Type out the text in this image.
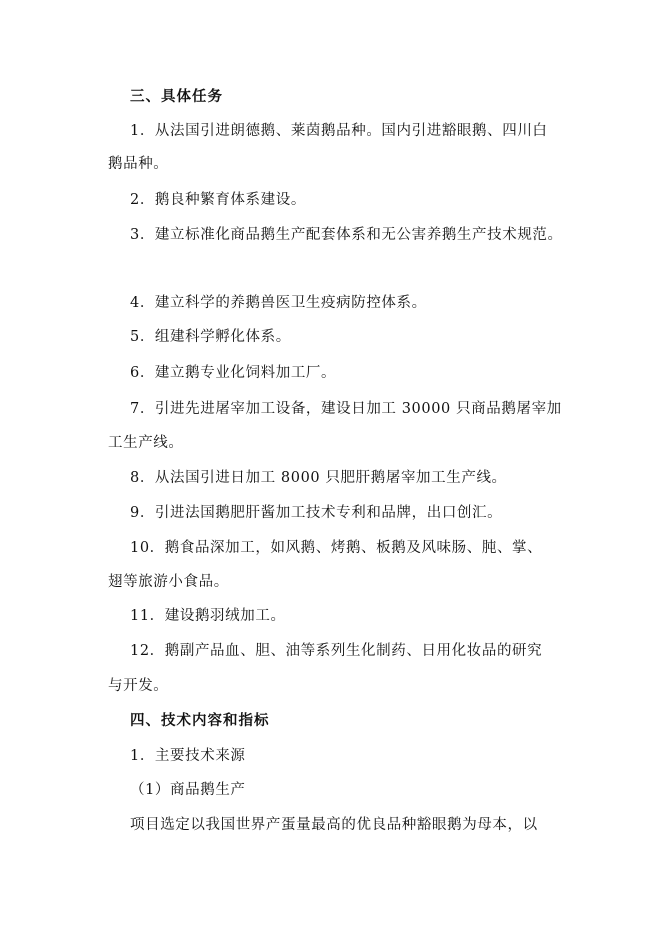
三、具体任务
1．从法国引进朗德鹅、莱茵鹅品种。国内引进豁眼鹅、四川白
鹅品种。
2．鹅良种繁育体系建设。
3．建立标准化商品鹅生产配套体系和无公害养鹅生产技术规范。
4．建立科学的养鹅兽医卫生疫病防控体系。
5．组建科学孵化体系。
6．建立鹅专业化饲料加工厂。
7．引进先进屠宰加工设备，建设日加工 30000 只商品鹅屠宰加
工生产线。
8．从法国引进日加工 8000 只肥肝鹅屠宰加工生产线。
9．引进法国鹅肥肝酱加工技术专利和品牌，出口创汇。
10．鹅食品深加工，如风鹅、烤鹅、板鹅及风味肠、肫、掌、
翅等旅游小食品。
11．建设鹅羽绒加工。
12．鹅副产品血、胆、油等系列生化制药、日用化妆品的研究
与开发。
四、技术内容和指标
1．主要技术来源
（1）商品鹅生产
项目选定以我国世界产蛋量最高的优良品种豁眼鹅为母本，以
